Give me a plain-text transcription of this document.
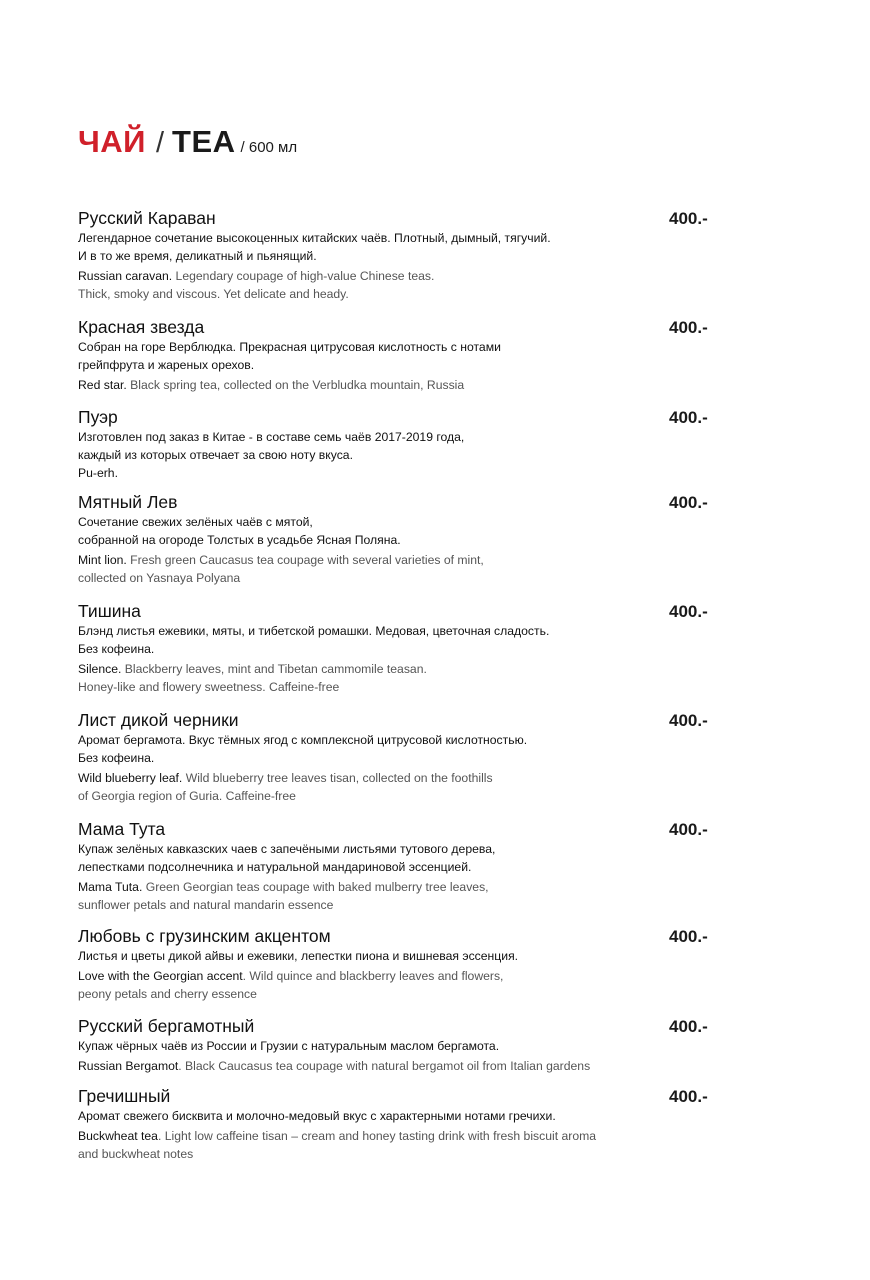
ЧАЙ / TEA / 600 мл
Русский Караван	400.-
Легендарное сочетание высокоценных китайских чаёв. Плотный, дымный, тягучий.
И в то же время, деликатный и пьянящий.
Russian caravan. Legendary coupage of high-value Chinese teas.
Thick, smoky and viscous. Yet delicate and heady.
Красная звезда	400.-
Собран на горе Верблюдка. Прекрасная цитрусовая кислотность с нотами
грейпфрута и жареных орехов.
Red star. Black spring tea, collected on the Verbludka mountain, Russia
Пуэр	400.-
Изготовлен под заказ в Китае - в составе семь чаёв 2017-2019 года,
каждый из которых отвечает за свою ноту вкуса.
Pu-erh.
Мятный Лев	400.-
Сочетание свежих зелёных чаёв с мятой,
собранной на огороде Толстых в усадьбе Ясная Поляна.
Mint lion. Fresh green Caucasus tea coupage with several varieties of mint,
collected on Yasnaya Polyana
Тишина	400.-
Блэнд листья ежевики, мяты, и тибетской ромашки. Медовая, цветочная сладость.
Без кофеина.
Silence. Blackberry leaves, mint and Tibetan cammomile teasan.
Honey-like and flowery sweetness. Caffeine-free
Лист дикой черники	400.-
Аромат бергамота. Вкус тёмных ягод с комплексной цитрусовой кислотностью.
Без кофеина.
Wild blueberry leaf. Wild blueberry tree leaves tisan, collected on the foothills
of Georgia region of Guria. Caffeine-free
Мама Тута	400.-
Купаж зелёных кавказских чаев с запечёными листьями тутового дерева,
лепестками подсолнечника и натуральной мандариновой эссенцией.
Mama Tuta. Green Georgian teas coupage with baked mulberry tree leaves,
sunflower petals and natural mandarin essence
Любовь с грузинским акцентом	400.-
Листья и цветы дикой айвы и ежевики, лепестки пиона и вишневая эссенция.
Love with the Georgian accent. Wild quince and blackberry leaves and flowers,
peony petals and cherry essence
Русский бергамотный	400.-
Купаж чёрных чаёв из России и Грузии с натуральным маслом бергамота.
Russian Bergamot. Black Caucasus tea coupage with natural bergamot oil from Italian gardens
Гречишный	400.-
Аромат свежего бисквита и молочно-медовый вкус с характерными нотами гречихи.
Buckwheat tea. Light low caffeine tisan – cream and honey tasting drink with fresh biscuit aroma
and buckwheat notes
